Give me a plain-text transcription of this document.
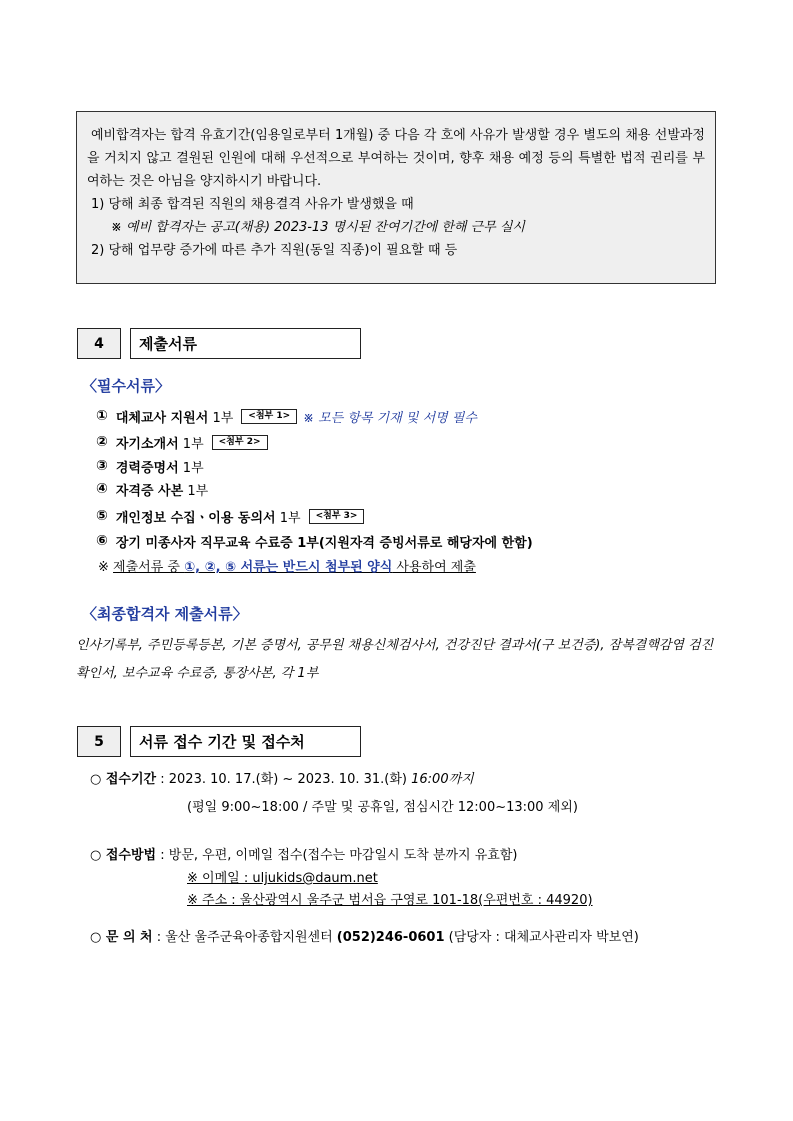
예비합격자는 합격 유효기간(임용일로부터 1개월) 중 다음 각 호에 사유가 발생할 경우 별도의 채용 선발과정을 거치지 않고 결원된 인원에 대해 우선적으로 부여하는 것이며, 향후 채용 예정 등의 특별한 법적 권리를 부여하는 것은 아님을 양지하시기 바랍니다.

1) 당해 최종 합격된 직원의 채용결격 사유가 발생했을 때

※ 예비 합격자는 공고(채용) 2023-13 명시된 잔여기간에 한해 근무 실시

2) 당해 업무량 증가에 따른 추가 직원(동일 직종)이 필요할 때 등

4	제출서류
〈필수서류〉
① 대체교사 지원서
1부	<첨부 1>	※ 모든 항목 기재 및 서명 필수
② 자기소개서
1부	<첨부 2>
③ 경력증명서
1부
④ 자격증 사본
1부
⑤ 개인정보 수집ㆍ이용 동의서
1부	<첨부 3>
⑥ 장기 미종사자 직무교육 수료증 1부(지원자격 증빙서류로 해당자에 한함)
※ 제출서류 중 ①, ②, ⑤ 서류는 반드시 첨부된 양식 사용하여 제출
〈최종합격자 제출서류〉

인사기록부, 주민등록등본, 기본 증명서, 공무원 채용신체검사서, 건강진단 결과서(구 보건증), 잠복결핵감염 검진 확인서, 보수교육 수료증, 통장사본, 각 1부

5	서류 접수 기간 및 접수처
○ 접수기간 : 2023. 10. 17.(화) ~ 2023. 10. 31.(화) 16:00까지
(평일 9:00~18:00 / 주말 및 공휴일, 점심시간 12:00~13:00 제외)
○ 접수방법 : 방문, 우편, 이메일 접수(접수는 마감일시 도착 분까지 유효함)
※ 이메일 : uljukids@daum.net
※ 주소 : 울산광역시 울주군 범서읍 구영로 101-18(우편번호 : 44920)
○ 문 의 처 : 울산 울주군육아종합지원센터 (052)246-0601 (담당자 : 대체교사관리자 박보연)
